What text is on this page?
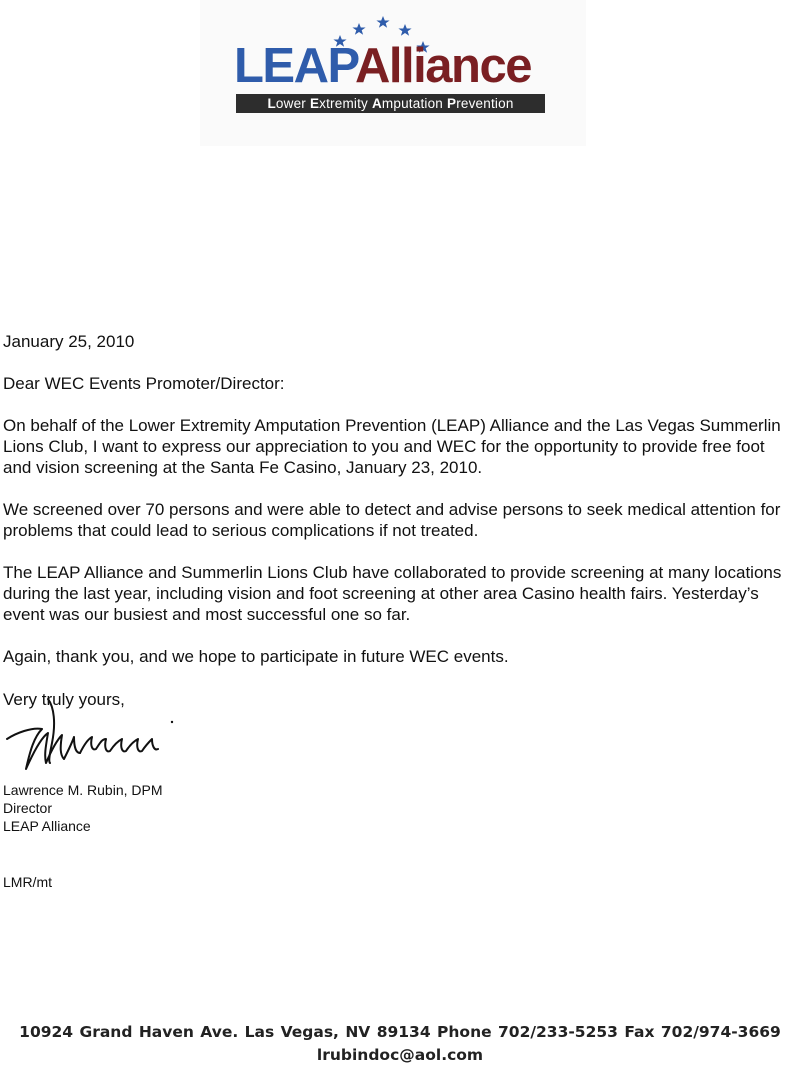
LEAPAlliance
Lower Extremity Amputation Prevention

January 25, 2010

Dear WEC Events Promoter/Director:

On behalf of the Lower Extremity Amputation Prevention (LEAP) Alliance and the Las Vegas Summerlin Lions Club, I want to express our appreciation to you and WEC for the opportunity to provide free foot and vision screening at the Santa Fe Casino, January 23, 2010.

We screened over 70 persons and were able to detect and advise persons to seek medical attention for problems that could lead to serious complications if not treated.

The LEAP Alliance and Summerlin Lions Club have collaborated to provide screening at many locations during the last year, including vision and foot screening at other area Casino health fairs. Yesterday’s event was our busiest and most successful one so far.

Again, thank you, and we hope to participate in future WEC events.

Very truly yours,

Lawrence M. Rubin, DPM
Director
LEAP Alliance
LMR/mt
10924 Grand Haven Ave. Las Vegas, NV 89134 Phone 702/233-5253 Fax 702/974-3669
lrubindoc@aol.com
